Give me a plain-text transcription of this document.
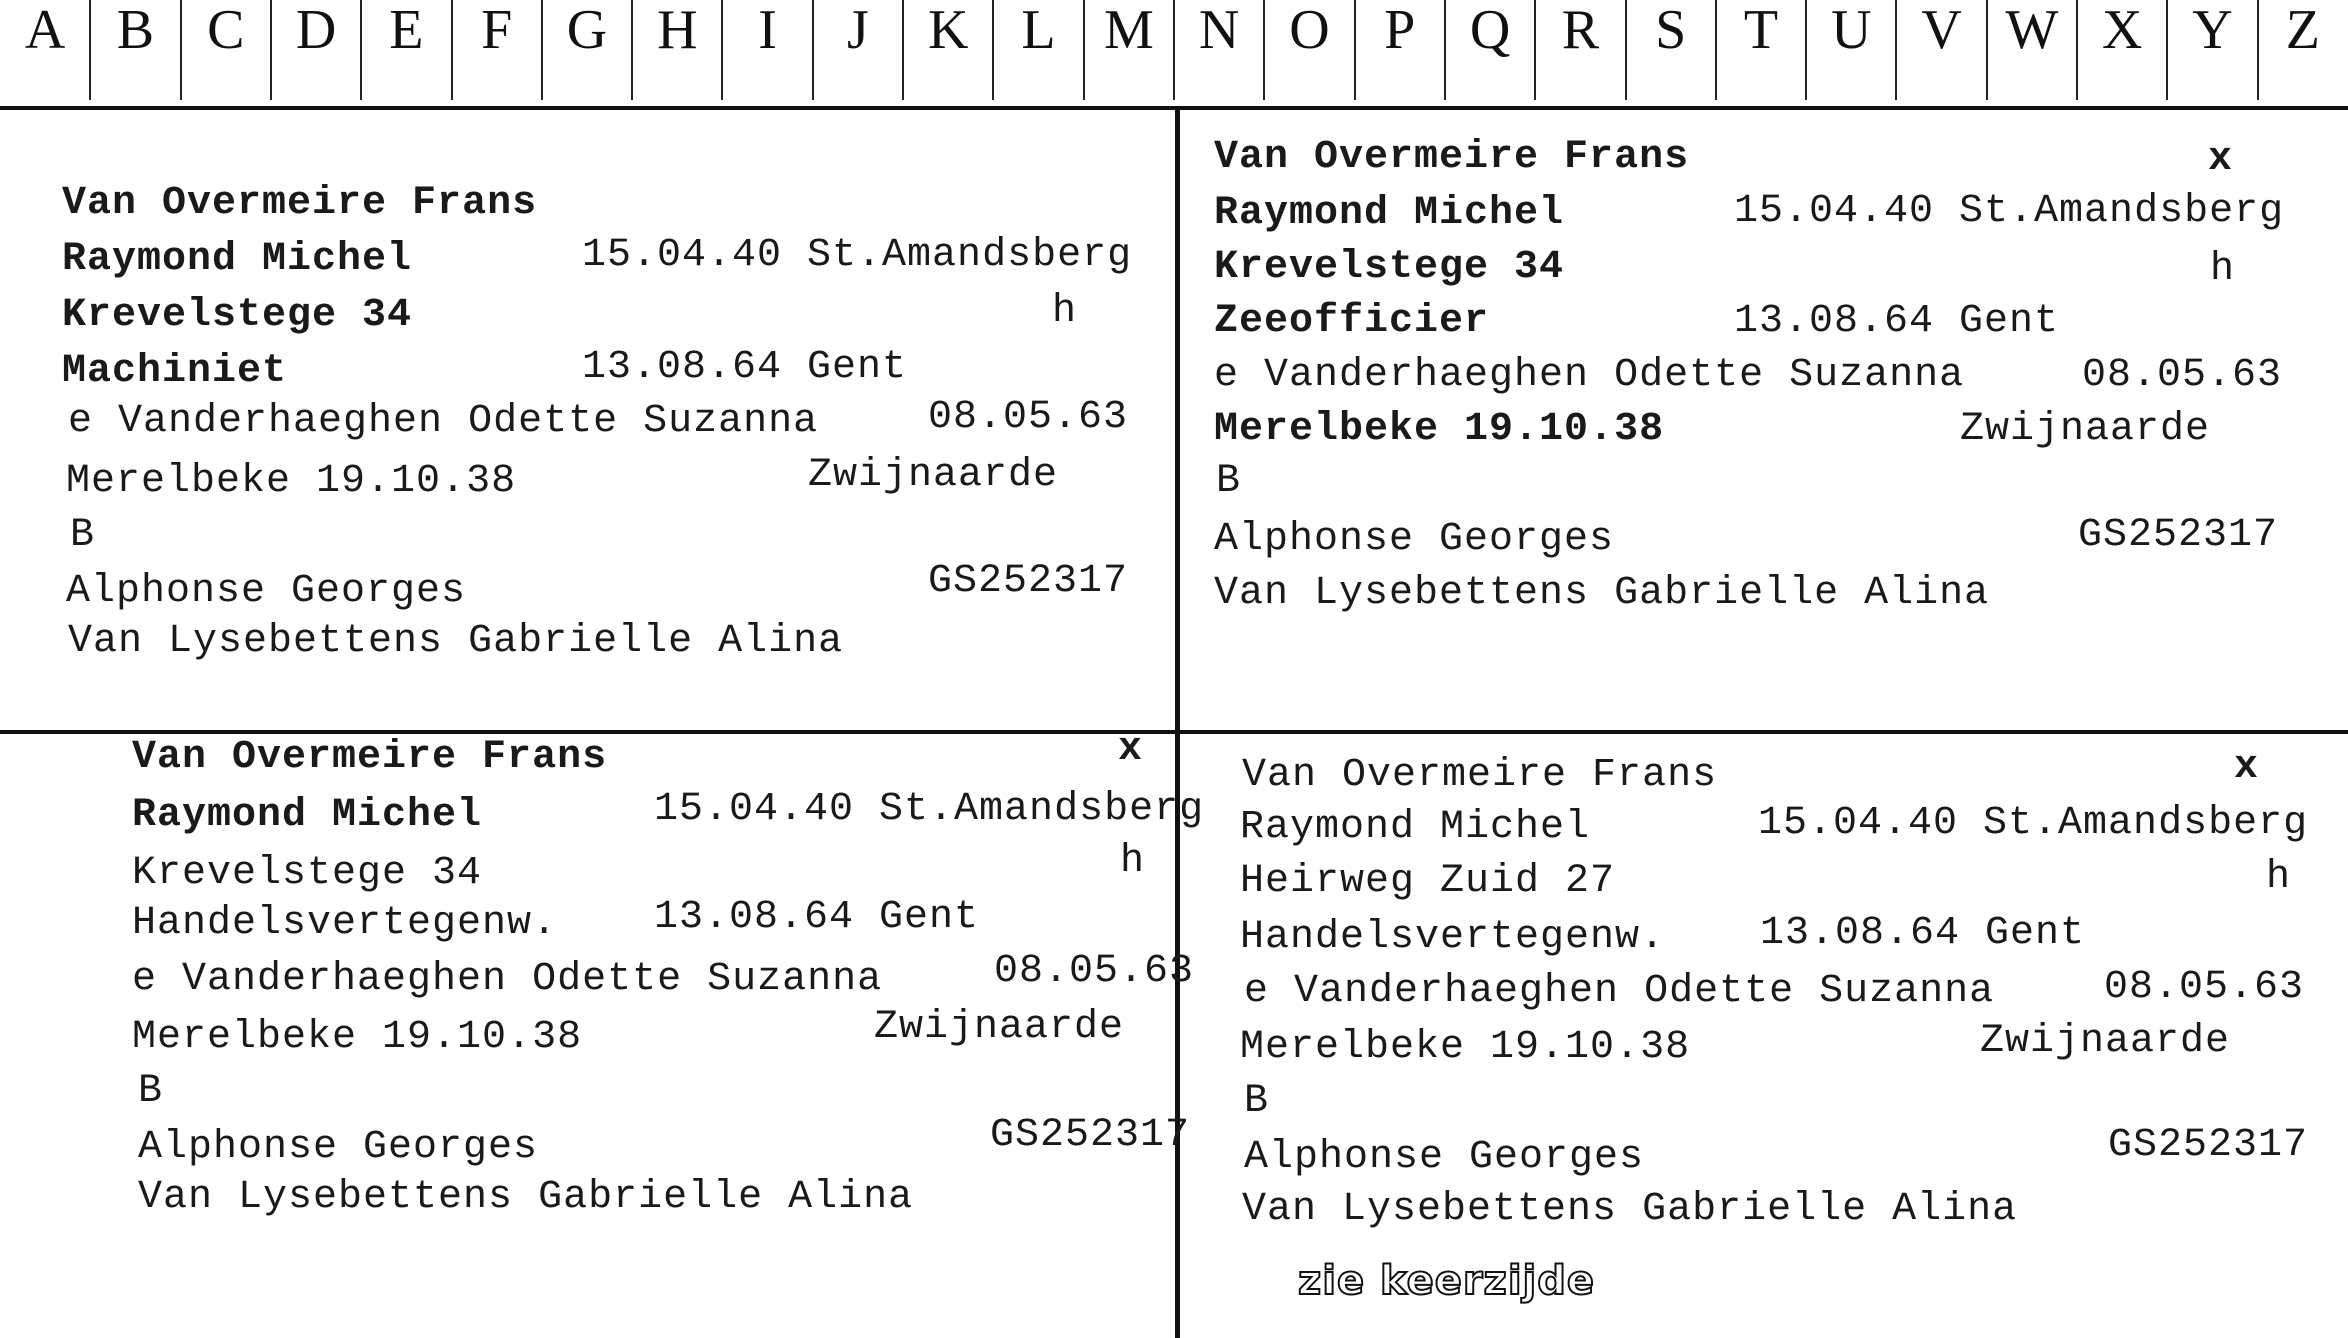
A B C D E	F G H	I	J	K L M N O P Q R	S	T U V W X Y Z
Van Overmeire Frans
Raymond Michel	15.04.40 St.Amandsberg
Krevelstege 34	h
Machiniet	13.08.64 Gent
e Vanderhaeghen Odette Suzanna	08.05.63
Merelbeke 19.10.38	Zwijnaarde
B
Alphonse Georges	GS252317
Van Lysebettens Gabrielle Alina
Van Overmeire Frans	x
Raymond Michel	15.04.40 St.Amandsberg
Krevelstege 34	h
Zeeofficier	13.08.64 Gent
e Vanderhaeghen Odette Suzanna	08.05.63
Merelbeke 19.10.38	Zwijnaarde
B
Alphonse Georges	GS252317
Van Lysebettens Gabrielle Alina
Van Overmeire Frans	x
Raymond Michel	15.04.40 St.Amandsberg
Krevelstege 34	h
Handelsvertegenw. 13.08.64 Gent
e Vanderhaeghen Odette Suzanna	08.05.63
Merelbeke 19.10.38	Zwijnaarde
B
Alphonse Georges	GS252317
Van Lysebettens Gabrielle Alina
Van Overmeire Frans	x
Raymond Michel	15.04.40 St.Amandsberg
Heirweg Zuid 27	h
Handelsvertegenw. 13.08.64 Gent
e Vanderhaeghen Odette Suzanna	08.05.63
Merelbeke 19.10.38	Zwijnaarde
B
Alphonse Georges	GS252317
Van Lysebettens Gabrielle Alina
zie keerzijde
